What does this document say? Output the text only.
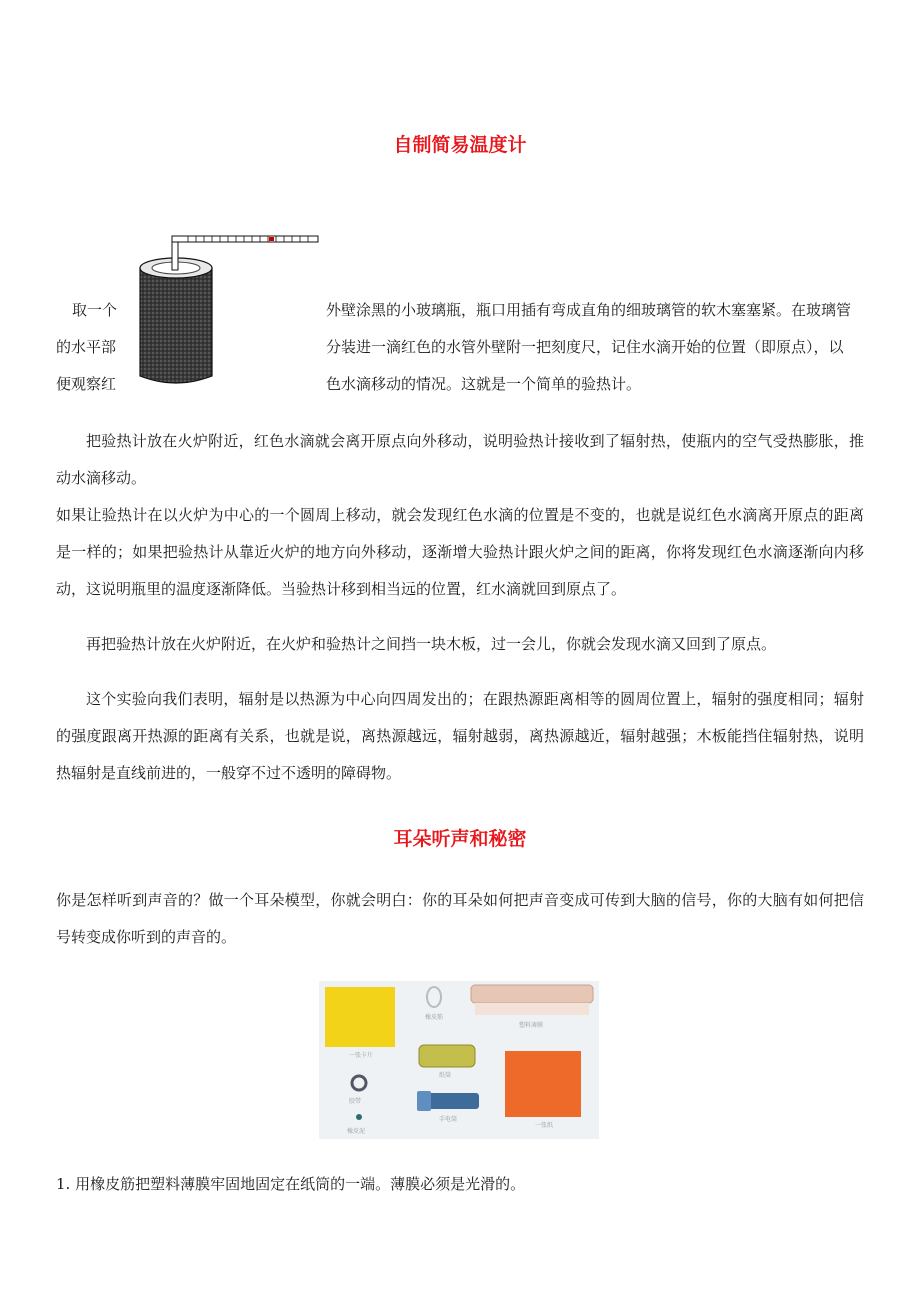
自制简易温度计
取一个
的水平部
便观察红
外壁涂黑的小玻璃瓶，瓶口用插有弯成直角的细玻璃管的软木塞塞紧。在玻璃管
分装进一滴红色的水管外壁附一把刻度尺，记住水滴开始的位置（即原点），以
色水滴移动的情况。这就是一个简单的验热计。

把验热计放在火炉附近，红色水滴就会离开原点向外移动，说明验热计接收到了辐射热，使瓶内的空气受热膨胀，推动水滴移动。

如果让验热计在以火炉为中心的一个圆周上移动，就会发现红色水滴的位置是不变的，也就是说红色水滴离开原点的距离是一样的；如果把验热计从靠近火炉的地方向外移动，逐渐增大验热计跟火炉之间的距离，你将发现红色水滴逐渐向内移动，这说明瓶里的温度逐渐降低。当验热计移到相当远的位置，红水滴就回到原点了。

再把验热计放在火炉附近，在火炉和验热计之间挡一块木板，过一会儿，你就会发现水滴又回到了原点。

这个实验向我们表明，辐射是以热源为中心向四周发出的；在跟热源距离相等的圆周位置上，辐射的强度相同；辐射的强度跟离开热源的距离有关系，也就是说，离热源越远，辐射越弱，离热源越近，辐射越强；木板能挡住辐射热，说明热辐射是直线前进的，一般穿不过不透明的障碍物。

耳朵听声和秘密

你是怎样听到声音的？做一个耳朵模型，你就会明白：你的耳朵如何把声音变成可传到大脑的信号，你的大脑有如何把信号转变成你听到的声音的。

一张卡片
橡皮筋
塑料薄膜
纸筒
胶带
手电筒
一张纸
橡皮泥
1. 用橡皮筋把塑料薄膜牢固地固定在纸筒的一端。薄膜必须是光滑的。
